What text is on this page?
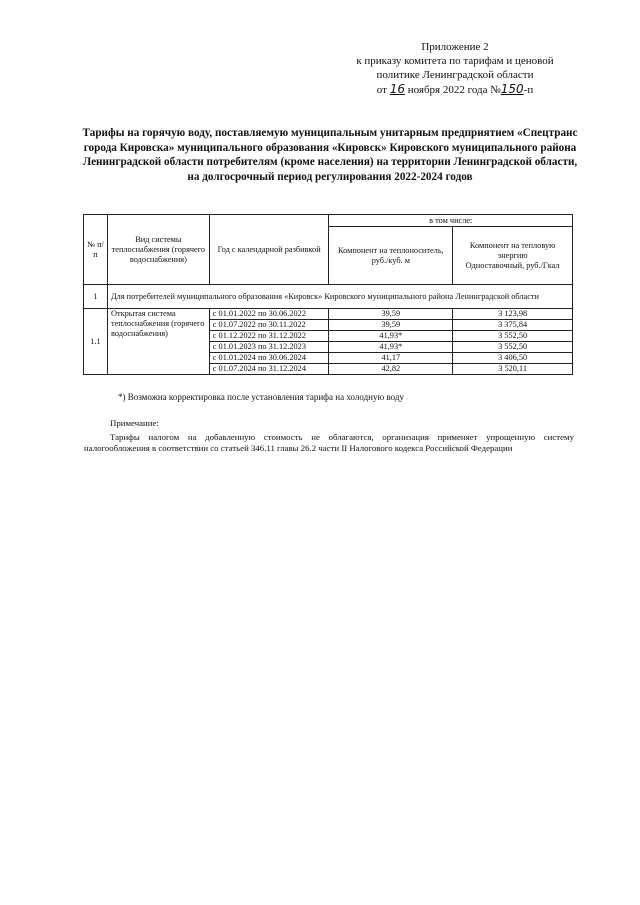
Приложение 2
к приказу комитета по тарифам и ценовой
политике Ленинградской области
от 16 ноября 2022 года №150-п
Тарифы на горячую воду, поставляемую муниципальным унитарным предприятием «Спецтранс города Кировска» муниципального образования «Кировск» Кировского муниципального района Ленинградской области потребителям (кроме населения) на территории Ленинградской области, на долгосрочный период регулирования 2022-2024 годов
№ п/п	Вид системы теплоснабжения (горячего водоснабжения)	Год с календарной разбивкой	в том числе:	
			Компонент на теплоноситель, руб./куб. м	Компонент на тепловую энергию
Одноставочный, руб./Гкал

1	Для потребителей муниципального образования «Кировск» Кировского муниципального района Ленинградской области			
1.1	Открытая система теплоснабжения (горячего водоснабжения)	с 01.01.2022 по 30.06.2022	39,59	3 123,98
		с 01.07.2022 по 30.11.2022	39,59	3 375,84
		с 01.12.2022 по 31.12.2022	41,93*	3 552,50
		с 01.01.2023 по 31.12.2023	41,93*	3 552,50
		с 01.01.2024 по 30.06.2024	41,17	3 406,50
		с 01.07.2024 по 31.12.2024	42,82	3 520,11
*) Возможна корректировка после установления тарифа на холодную воду
Примечание:
Тарифы налогом на добавленную стоимость не облагаются, организация применяет упрощенную систему налогообложения в соответствии со статьей 346.11 главы 26.2 части II Налогового кодекса Российской Федерации
